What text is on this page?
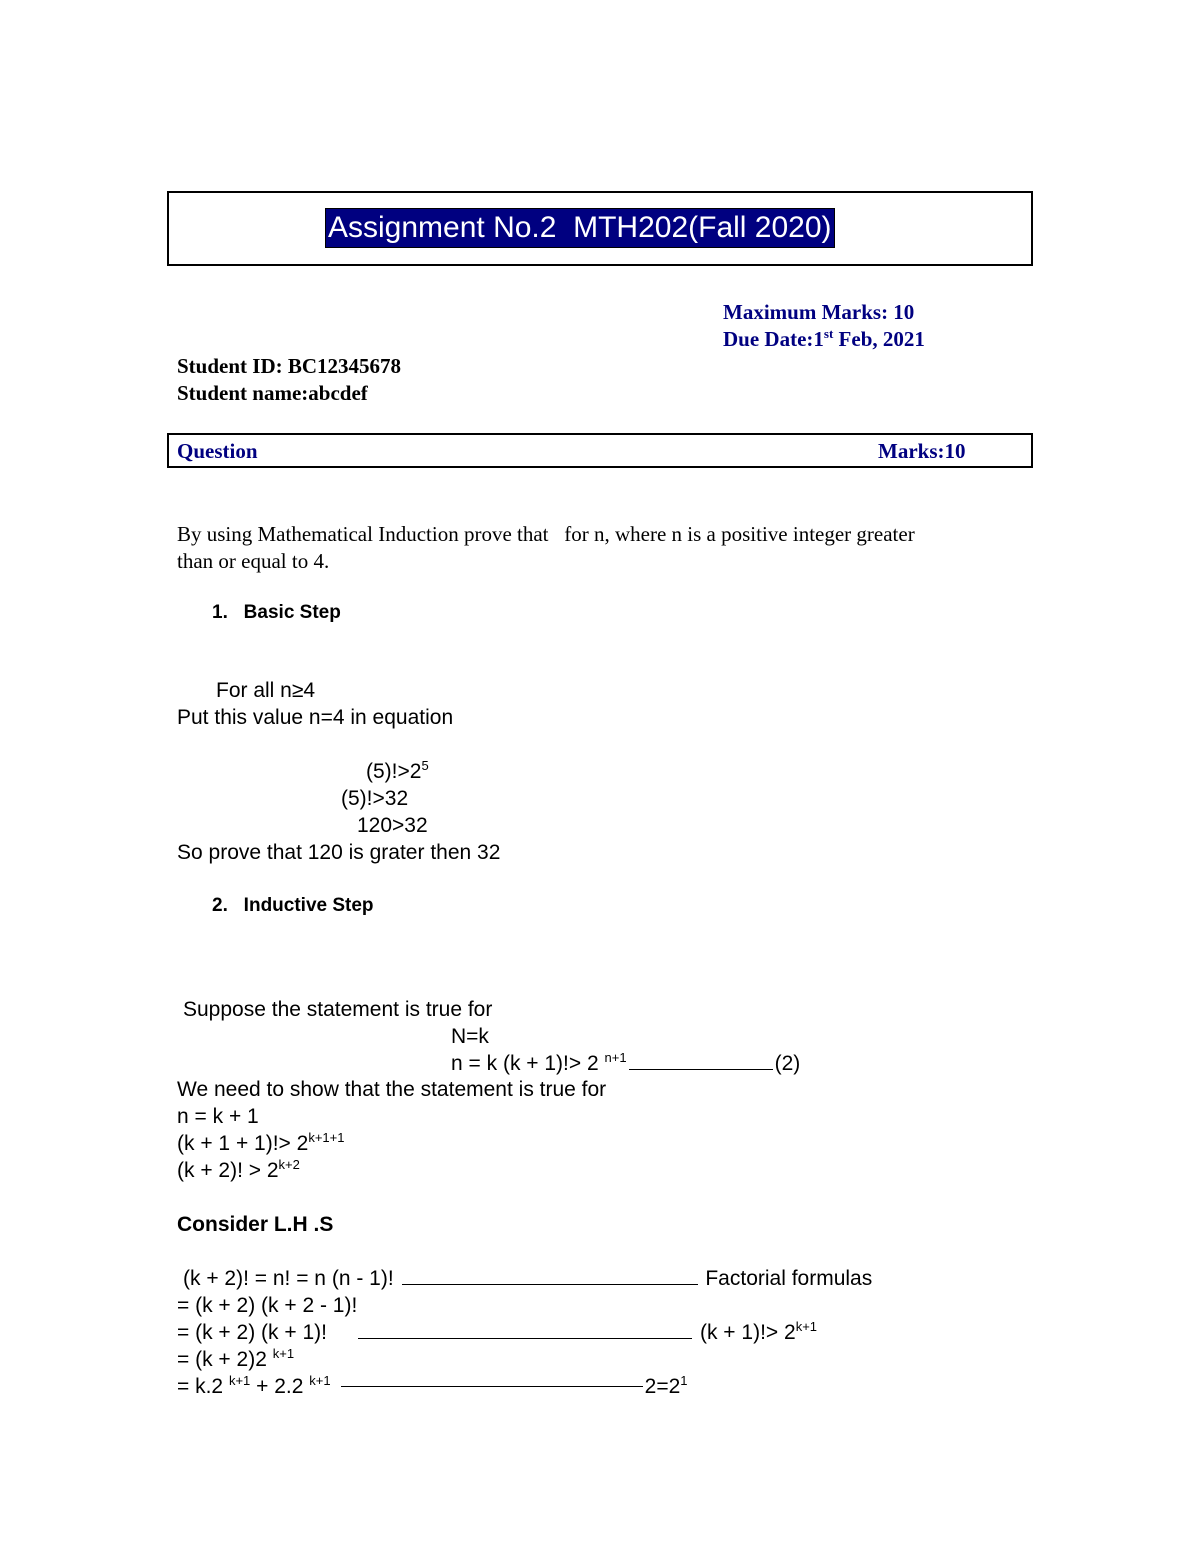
Assignment No.2  MTH202(Fall 2020)
Maximum Marks: 10
Due Date:1st Feb, 2021
Student ID: BC12345678
Student name:abcdef
Question	Marks:10
By using Mathematical Induction prove that   for n, where n is a positive integer greater
than or equal to 4.
1.   Basic Step
For all n≥4
Put this value n=4 in equation
$(5)!>2^5$
(5)!>32
120>32
So prove that 120 is grater then 32
2.   Inductive Step
Suppose the statement is true for
N=k
n = k (k + 1)!> 2 $^{n+1}$	(2)
We need to show that the statement is true for
n = k + 1
$(k + 1 + 1)!> 2^{k+1+1}$
(k + 2)! > $2^{k+2}$
Consider L.H .S
(k + 2)! = n! = n (n - 1)!	Factorial formulas
= (k + 2) (k + 2 - 1)!
= (k + 2) (k + 1)!	$(k + 1)!> 2^{k+1}$
= (k + 2)2 $^{k+1}$
= k.2 $^{k+1}$ + 2.2 $^{k+1}$	$2=2^1$
